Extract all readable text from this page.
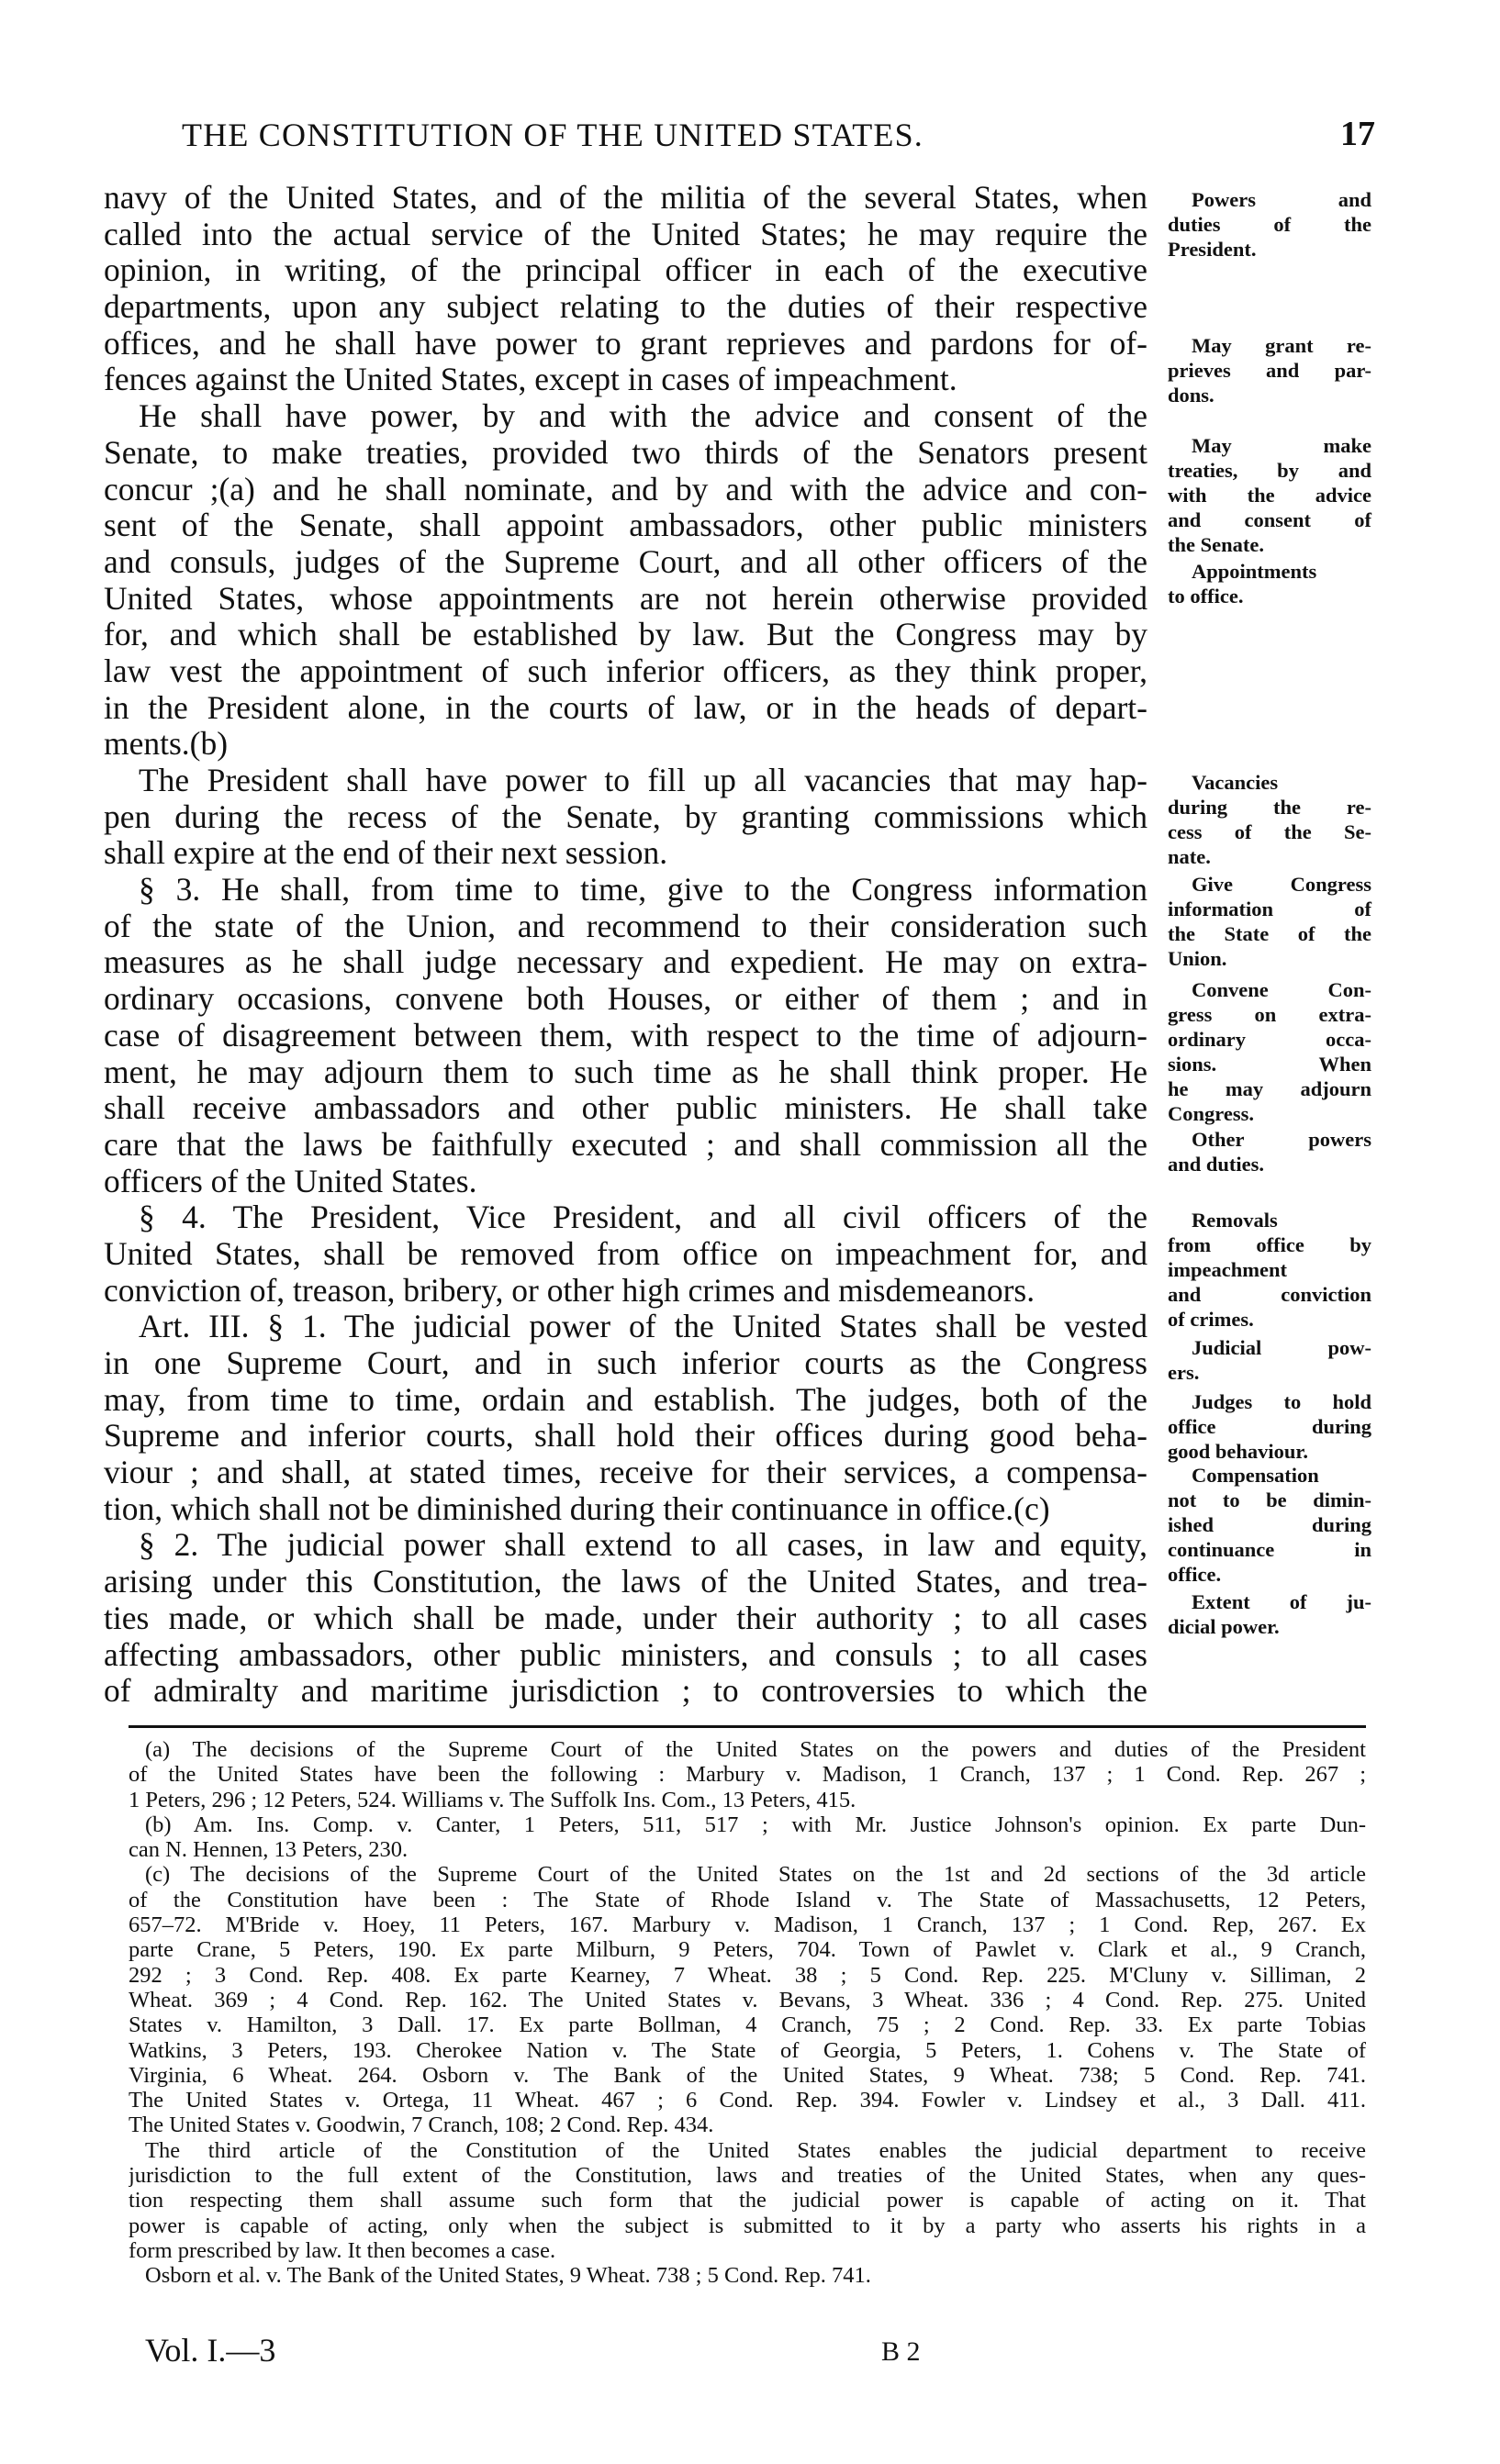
THE CONSTITUTION OF THE UNITED STATES.	17
navy of the United States, and of the militia of the several States, when
called into the actual service of the United States; he may require the
opinion, in writing, of the principal officer in each of the executive
departments, upon any subject relating to the duties of their respective
offices, and he shall have power to grant reprieves and pardons for of-
fences against the United States, except in cases of impeachment.
He shall have power, by and with the advice and consent of the
Senate, to make treaties, provided two thirds of the Senators present
concur ;(a) and he shall nominate, and by and with the advice and con-
sent of the Senate, shall appoint ambassadors, other public ministers
and consuls, judges of the Supreme Court, and all other officers of the
United States, whose appointments are not herein otherwise provided
for, and which shall be established by law. But the Congress may by
law vest the appointment of such inferior officers, as they think proper,
in the President alone, in the courts of law, or in the heads of depart-
ments.(b)
The President shall have power to fill up all vacancies that may hap-
pen during the recess of the Senate, by granting commissions which
shall expire at the end of their next session.
§ 3. He shall, from time to time, give to the Congress information
of the state of the Union, and recommend to their consideration such
measures as he shall judge necessary and expedient. He may on extra-
ordinary occasions, convene both Houses, or either of them ; and in
case of disagreement between them, with respect to the time of adjourn-
ment, he may adjourn them to such time as he shall think proper. He
shall receive ambassadors and other public ministers. He shall take
care that the laws be faithfully executed ; and shall commission all the
officers of the United States.
§ 4. The President, Vice President, and all civil officers of the
United States, shall be removed from office on impeachment for, and
conviction of, treason, bribery, or other high crimes and misdemeanors.
Art. III. § 1. The judicial power of the United States shall be vested
in one Supreme Court, and in such inferior courts as the Congress
may, from time to time, ordain and establish. The judges, both of the
Supreme and inferior courts, shall hold their offices during good beha-
viour ; and shall, at stated times, receive for their services, a compensa-
tion, which shall not be diminished during their continuance in office.(c)
§ 2. The judicial power shall extend to all cases, in law and equity,
arising under this Constitution, the laws of the United States, and trea-
ties made, or which shall be made, under their authority ; to all cases
affecting ambassadors, other public ministers, and consuls ; to all cases
of admiralty and maritime jurisdiction ; to controversies to which the
Powers and
duties of the
President.
May grant re-
prieves and par-
dons.
May make
treaties, by and
with the advice
and consent of
the Senate.
Appointments
to office.
Vacancies
during the re-
cess of the Se-
nate.
Give Congress
information of
the State of the
Union.
Convene Con-
gress on extra-
ordinary occa-
sions. When
he may adjourn
Congress.
Other powers
and duties.
Removals
from office by
impeachment
and conviction
of crimes.
Judicial pow-
ers.
Judges to hold
office during
good behaviour.
Compensation
not to be dimin-
ished during
continuance in
office.
Extent of ju-
dicial power.
(a) The decisions of the Supreme Court of the United States on the powers and duties of the President
of the United States have been the following : Marbury v. Madison, 1 Cranch, 137 ; 1 Cond. Rep. 267 ;
1 Peters, 296 ; 12 Peters, 524. Williams v. The Suffolk Ins. Com., 13 Peters, 415.
(b) Am. Ins. Comp. v. Canter, 1 Peters, 511, 517 ; with Mr. Justice Johnson's opinion. Ex parte Dun-
can N. Hennen, 13 Peters, 230.
(c) The decisions of the Supreme Court of the United States on the 1st and 2d sections of the 3d article
of the Constitution have been : The State of Rhode Island v. The State of Massachusetts, 12 Peters,
657–72. M'Bride v. Hoey, 11 Peters, 167. Marbury v. Madison, 1 Cranch, 137 ; 1 Cond. Rep, 267. Ex
parte Crane, 5 Peters, 190. Ex parte Milburn, 9 Peters, 704. Town of Pawlet v. Clark et al., 9 Cranch,
292 ; 3 Cond. Rep. 408. Ex parte Kearney, 7 Wheat. 38 ; 5 Cond. Rep. 225. M'Cluny v. Silliman, 2
Wheat. 369 ; 4 Cond. Rep. 162. The United States v. Bevans, 3 Wheat. 336 ; 4 Cond. Rep. 275. United
States v. Hamilton, 3 Dall. 17. Ex parte Bollman, 4 Cranch, 75 ; 2 Cond. Rep. 33. Ex parte Tobias
Watkins, 3 Peters, 193. Cherokee Nation v. The State of Georgia, 5 Peters, 1. Cohens v. The State of
Virginia, 6 Wheat. 264. Osborn v. The Bank of the United States, 9 Wheat. 738; 5 Cond. Rep. 741.
The United States v. Ortega, 11 Wheat. 467 ; 6 Cond. Rep. 394. Fowler v. Lindsey et al., 3 Dall. 411.
The United States v. Goodwin, 7 Cranch, 108; 2 Cond. Rep. 434.
The third article of the Constitution of the United States enables the judicial department to receive
jurisdiction to the full extent of the Constitution, laws and treaties of the United States, when any ques-
tion respecting them shall assume such form that the judicial power is capable of acting on it. That
power is capable of acting, only when the subject is submitted to it by a party who asserts his rights in a
form prescribed by law. It then becomes a case.
Osborn et al. v. The Bank of the United States, 9 Wheat. 738 ; 5 Cond. Rep. 741.
Vol. I.—3	B 2
